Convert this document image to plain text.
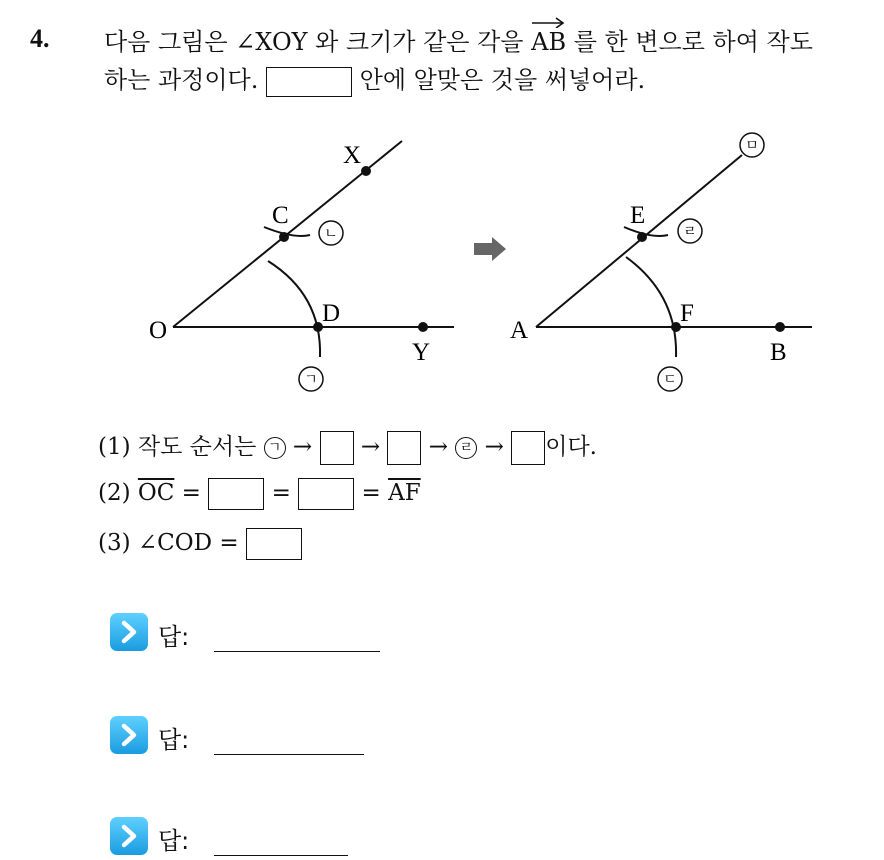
4. 다음 그림은 ∠XOY 와 크기가 같은 각을
AB 를 한 변으로 하여 작도
하는 과정이다.	안에 알맞은 것을 써넣어라.
X
C
D
O
Y
ㄴ
ㄱ
E
F
A
B
ㄹ
ㅁ
ㄷ
(1) 작도 순서는 ㄱ → → → ㄹ → 이다.
(2) $\overline{OC}$ =	=	= $\overline{AF}$
(3) ∠COD =
답:
답:
답:
